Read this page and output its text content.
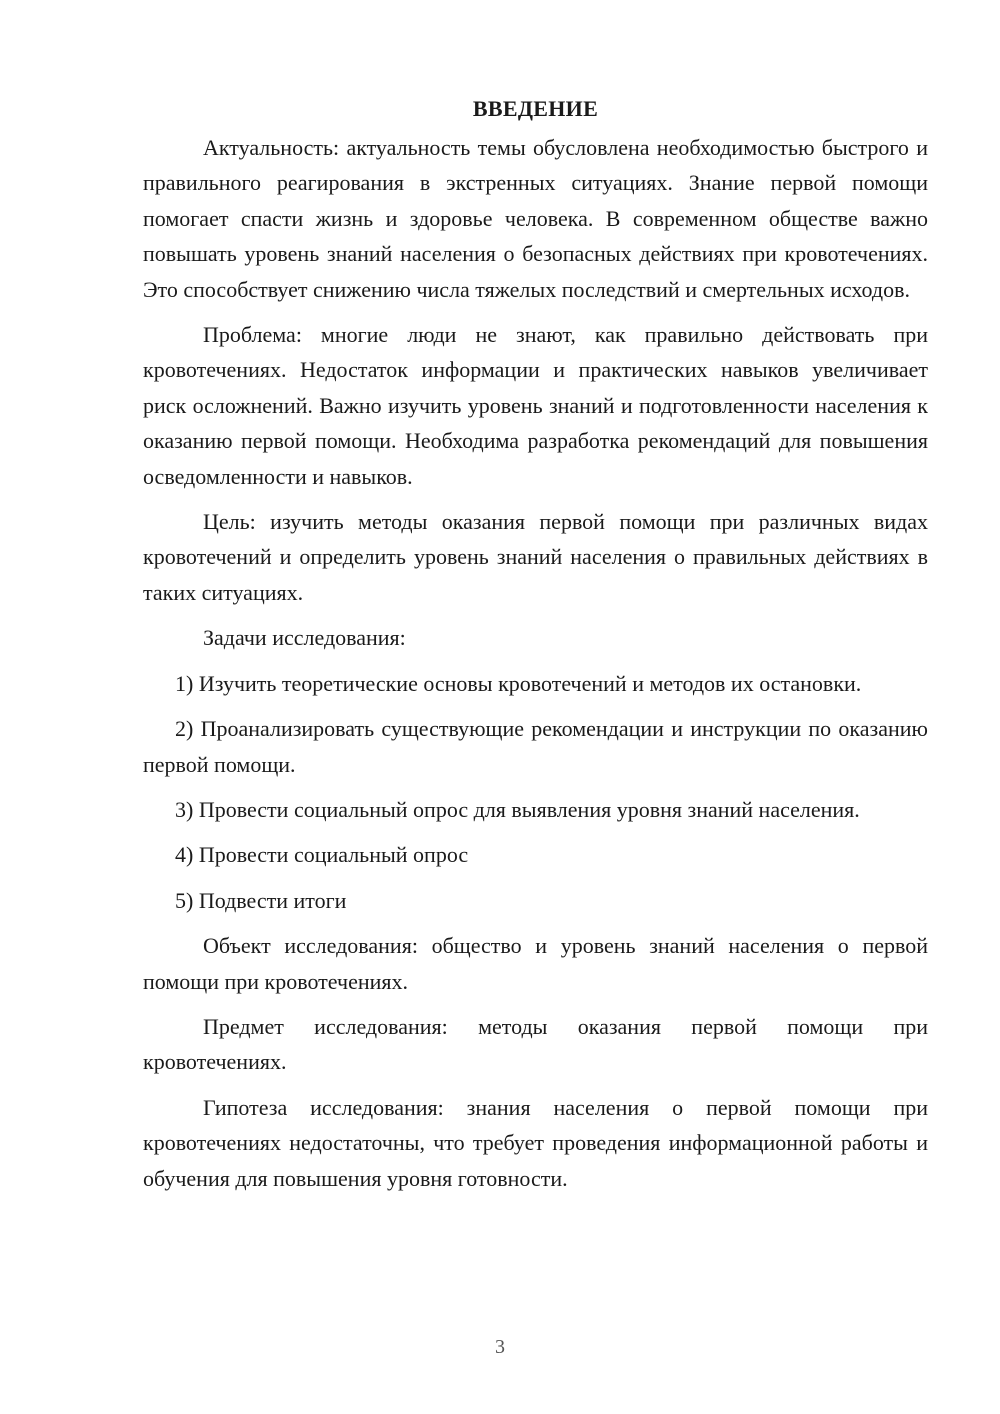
ВВЕДЕНИЕ

Актуальность: актуальность темы обусловлена необходимостью быстрого и правильного реагирования в экстренных ситуациях. Знание первой помощи помогает спасти жизнь и здоровье человека. В современном обществе важно повышать уровень знаний населения о безопасных действиях при кровотечениях. Это способствует снижению числа тяжелых последствий и смертельных исходов.

Проблема: многие люди не знают, как правильно действовать при кровотечениях. Недостаток информации и практических навыков увеличивает риск осложнений. Важно изучить уровень знаний и подготовленности населения к оказанию первой помощи. Необходима разработка рекомендаций для повышения осведомленности и навыков.

Цель: изучить методы оказания первой помощи при различных видах кровотечений и определить уровень знаний населения о правильных действиях в таких ситуациях.

Задачи исследования:

1) Изучить теоретические основы кровотечений и методов их остановки.

2) Проанализировать существующие рекомендации и инструкции по оказанию первой помощи.

3) Провести социальный опрос для выявления уровня знаний населения.

4) Провести социальный опрос

5) Подвести итоги

Объект исследования: общество и уровень знаний населения о первой помощи при кровотечениях.

Предмет исследования: методы оказания первой помощи при кровотечениях.

Гипотеза исследования: знания населения о первой помощи при кровотечениях недостаточны, что требует проведения информационной работы и обучения для повышения уровня готовности.

3
